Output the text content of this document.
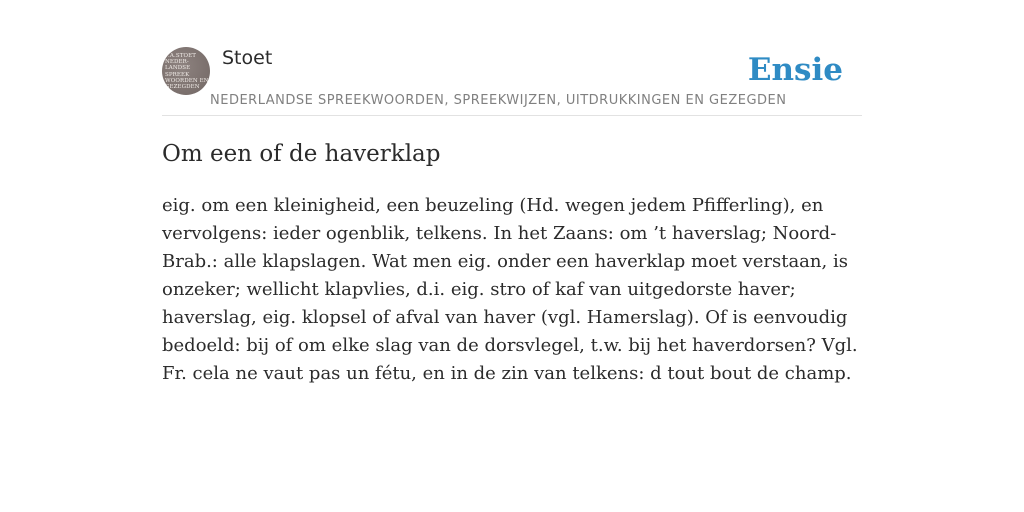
F.A.STOET
NEDER-
LANDSE
SPREEK
WOORDEN EN
GEZEGDEN
Stoet	Ensie
NEDERLANDSE SPREEKWOORDEN, SPREEKWIJZEN, UITDRUKKINGEN EN GEZEGDEN
Om een of de haverklap

eig. om een kleinigheid, een beuzeling (Hd. wegen jedem Pfifferling), en vervolgens: ieder ogenblik, telkens. In het Zaans: om ’t haverslag; Noord-Brab.: alle klapslagen. Wat men eig. onder een haverklap moet verstaan, is onzeker; wellicht klapvlies, d.i. eig. stro of kaf van uitgedorste haver; haverslag, eig. klopsel of afval van haver (vgl. Hamerslag). Of is eenvoudig bedoeld: bij of om elke slag van de dorsvlegel, t.w. bij het haverdorsen? Vgl. Fr. cela ne vaut pas un fétu, en in de zin van telkens: d tout bout de champ.
